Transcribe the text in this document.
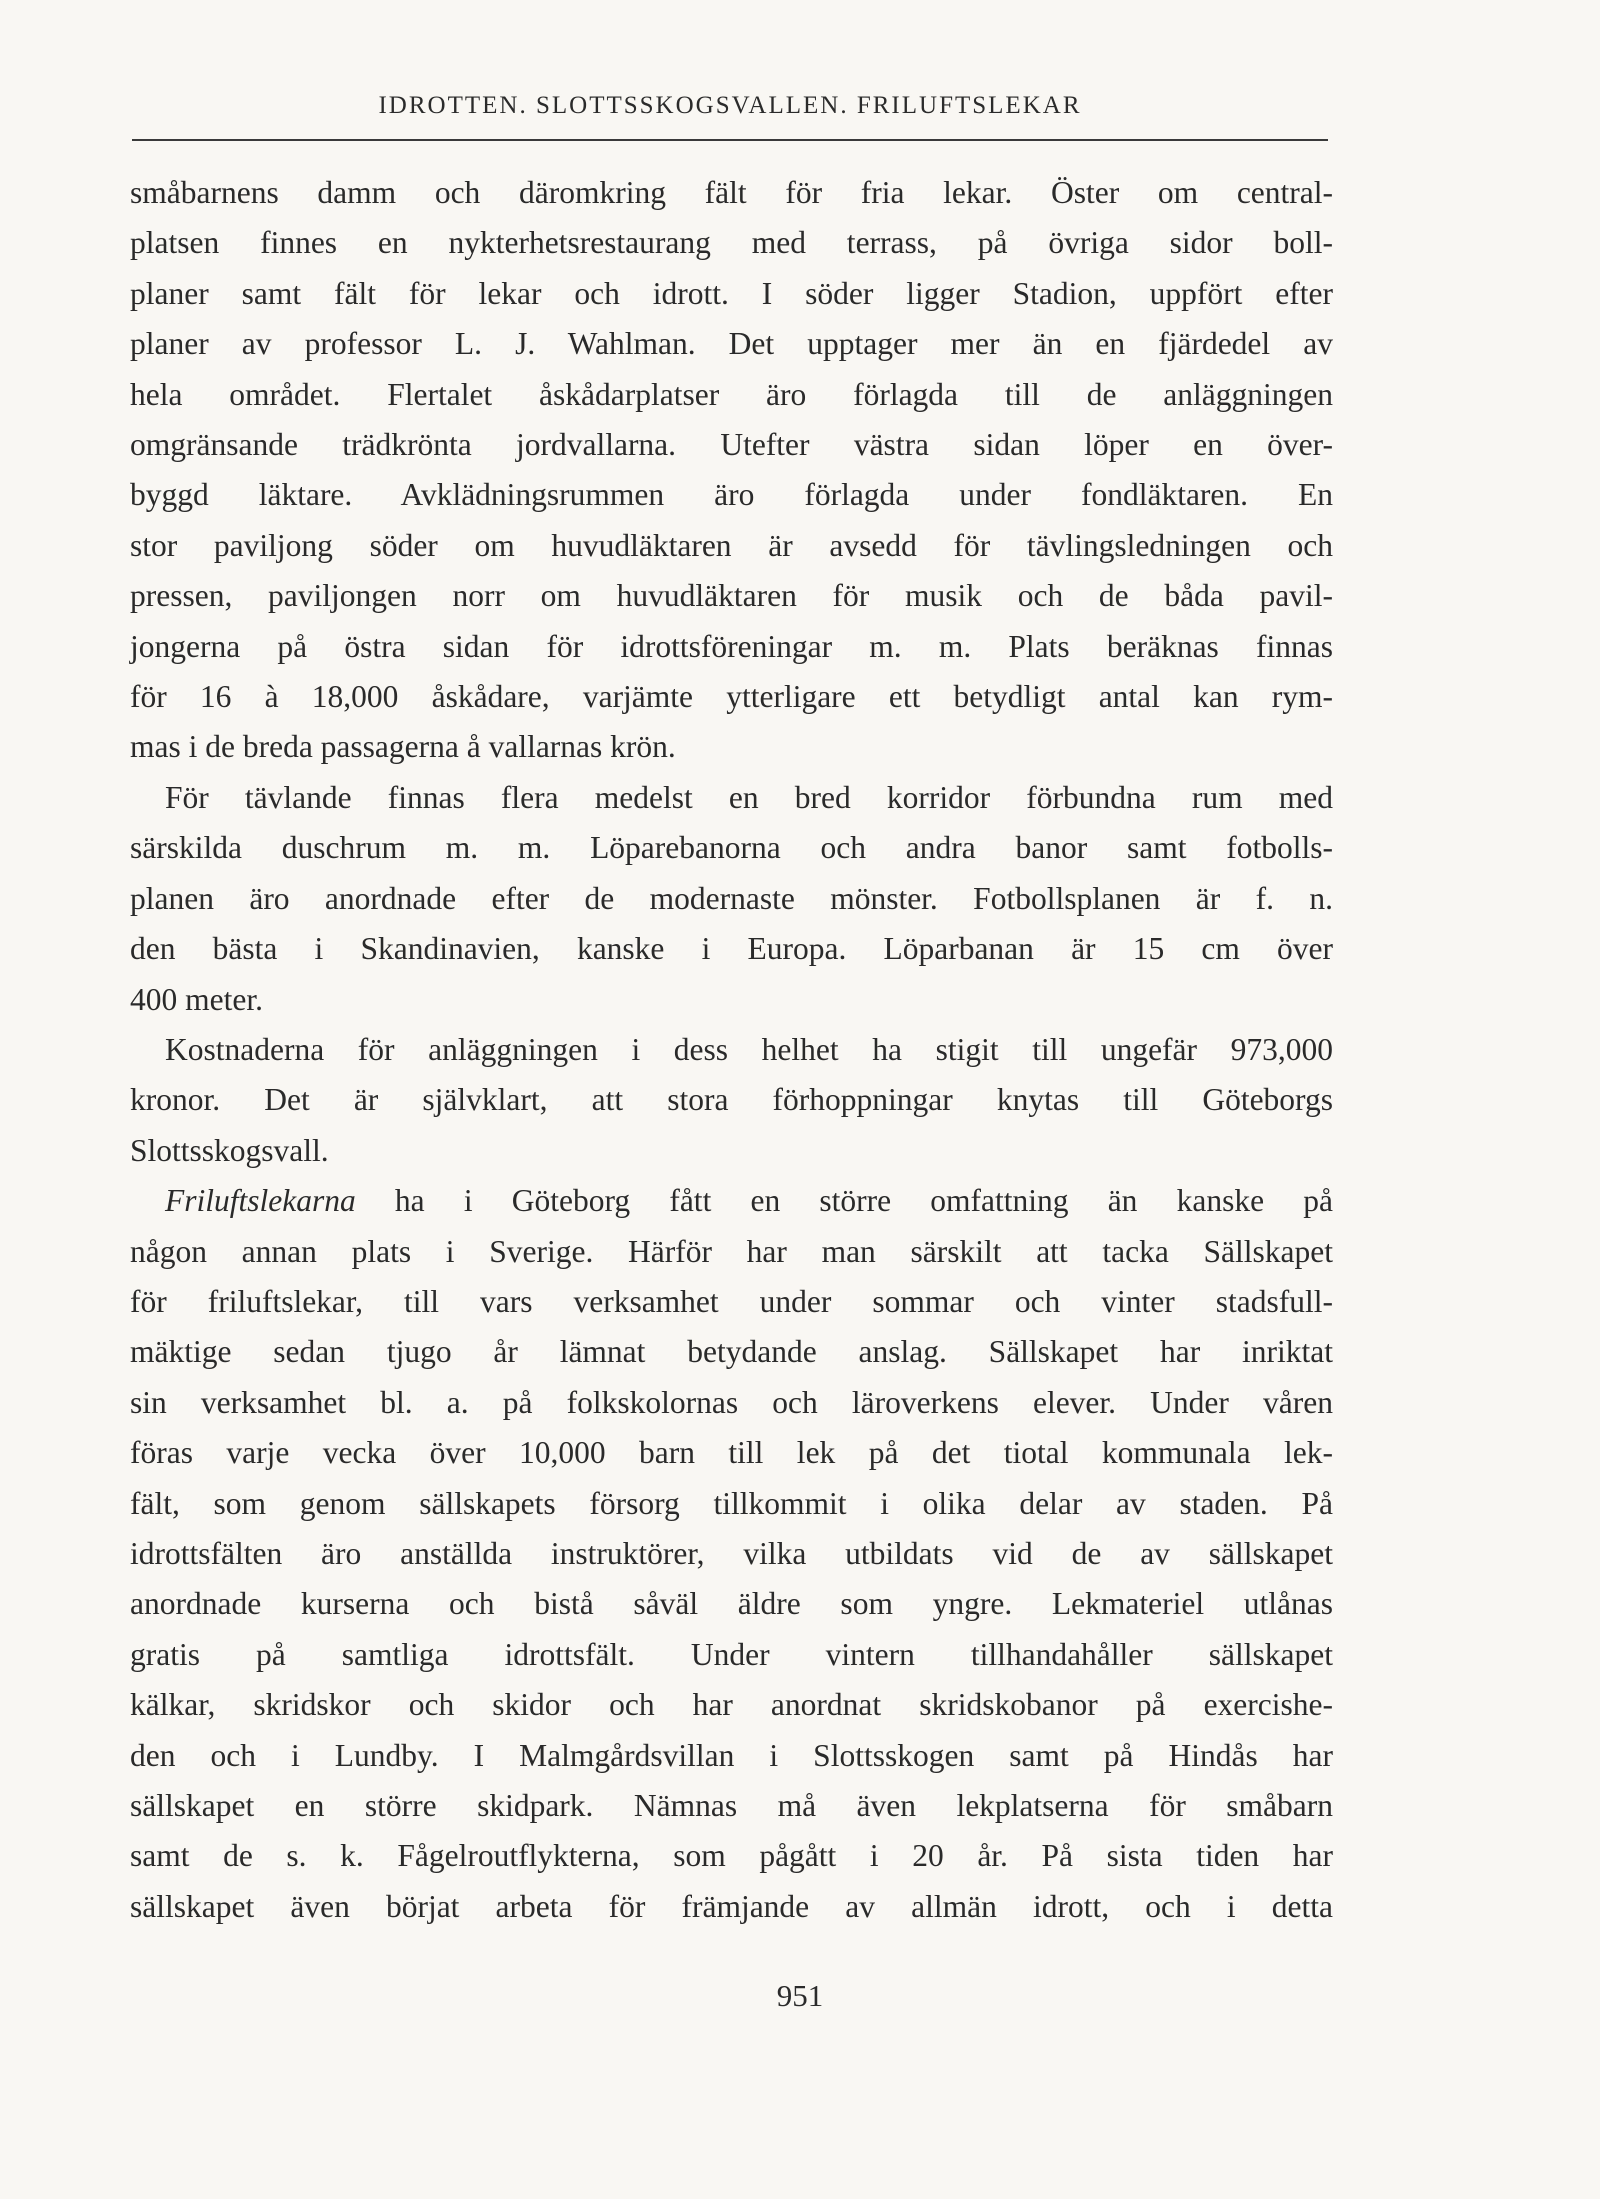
IDROTTEN. SLOTTSSKOGSVALLEN. FRILUFTSLEKAR
småbarnens damm och däromkring fält för fria lekar. Öster om central-
platsen finnes en nykterhetsrestaurang med terrass, på övriga sidor boll-
planer samt fält för lekar och idrott. I söder ligger Stadion, uppfört efter
planer av professor L. J. Wahlman. Det upptager mer än en fjärdedel av
hela området. Flertalet åskådarplatser äro förlagda till de anläggningen
omgränsande trädkrönta jordvallarna. Utefter västra sidan löper en över-
byggd läktare. Avklädningsrummen äro förlagda under fondläktaren. En
stor paviljong söder om huvudläktaren är avsedd för tävlingsledningen och
pressen, paviljongen norr om huvudläktaren för musik och de båda pavil-
jongerna på östra sidan för idrottsföreningar m. m. Plats beräknas finnas
för 16 à 18,000 åskådare, varjämte ytterligare ett betydligt antal kan rym-
mas i de breda passagerna å vallarnas krön.
För tävlande finnas flera medelst en bred korridor förbundna rum med
särskilda duschrum m. m. Löparebanorna och andra banor samt fotbolls-
planen äro anordnade efter de modernaste mönster. Fotbollsplanen är f. n.
den bästa i Skandinavien, kanske i Europa. Löparbanan är 15 cm över
400 meter.
Kostnaderna för anläggningen i dess helhet ha stigit till ungefär 973,000
kronor. Det är självklart, att stora förhoppningar knytas till Göteborgs
Slottsskogsvall.
Friluftslekarna ha i Göteborg fått en större omfattning än kanske på
någon annan plats i Sverige. Härför har man särskilt att tacka Sällskapet
för friluftslekar, till vars verksamhet under sommar och vinter stadsfull-
mäktige sedan tjugo år lämnat betydande anslag. Sällskapet har inriktat
sin verksamhet bl. a. på folkskolornas och läroverkens elever. Under våren
föras varje vecka över 10,000 barn till lek på det tiotal kommunala lek-
fält, som genom sällskapets försorg tillkommit i olika delar av staden. På
idrottsfälten äro anställda instruktörer, vilka utbildats vid de av sällskapet
anordnade kurserna och bistå såväl äldre som yngre. Lekmateriel utlånas
gratis på samtliga idrottsfält. Under vintern tillhandahåller sällskapet
kälkar, skridskor och skidor och har anordnat skridskobanor på exercishe-
den och i Lundby. I Malmgårdsvillan i Slottsskogen samt på Hindås har
sällskapet en större skidpark. Nämnas må även lekplatserna för småbarn
samt de s. k. Fågelroutflykterna, som pågått i 20 år. På sista tiden har
sällskapet även börjat arbeta för främjande av allmän idrott, och i detta
951
